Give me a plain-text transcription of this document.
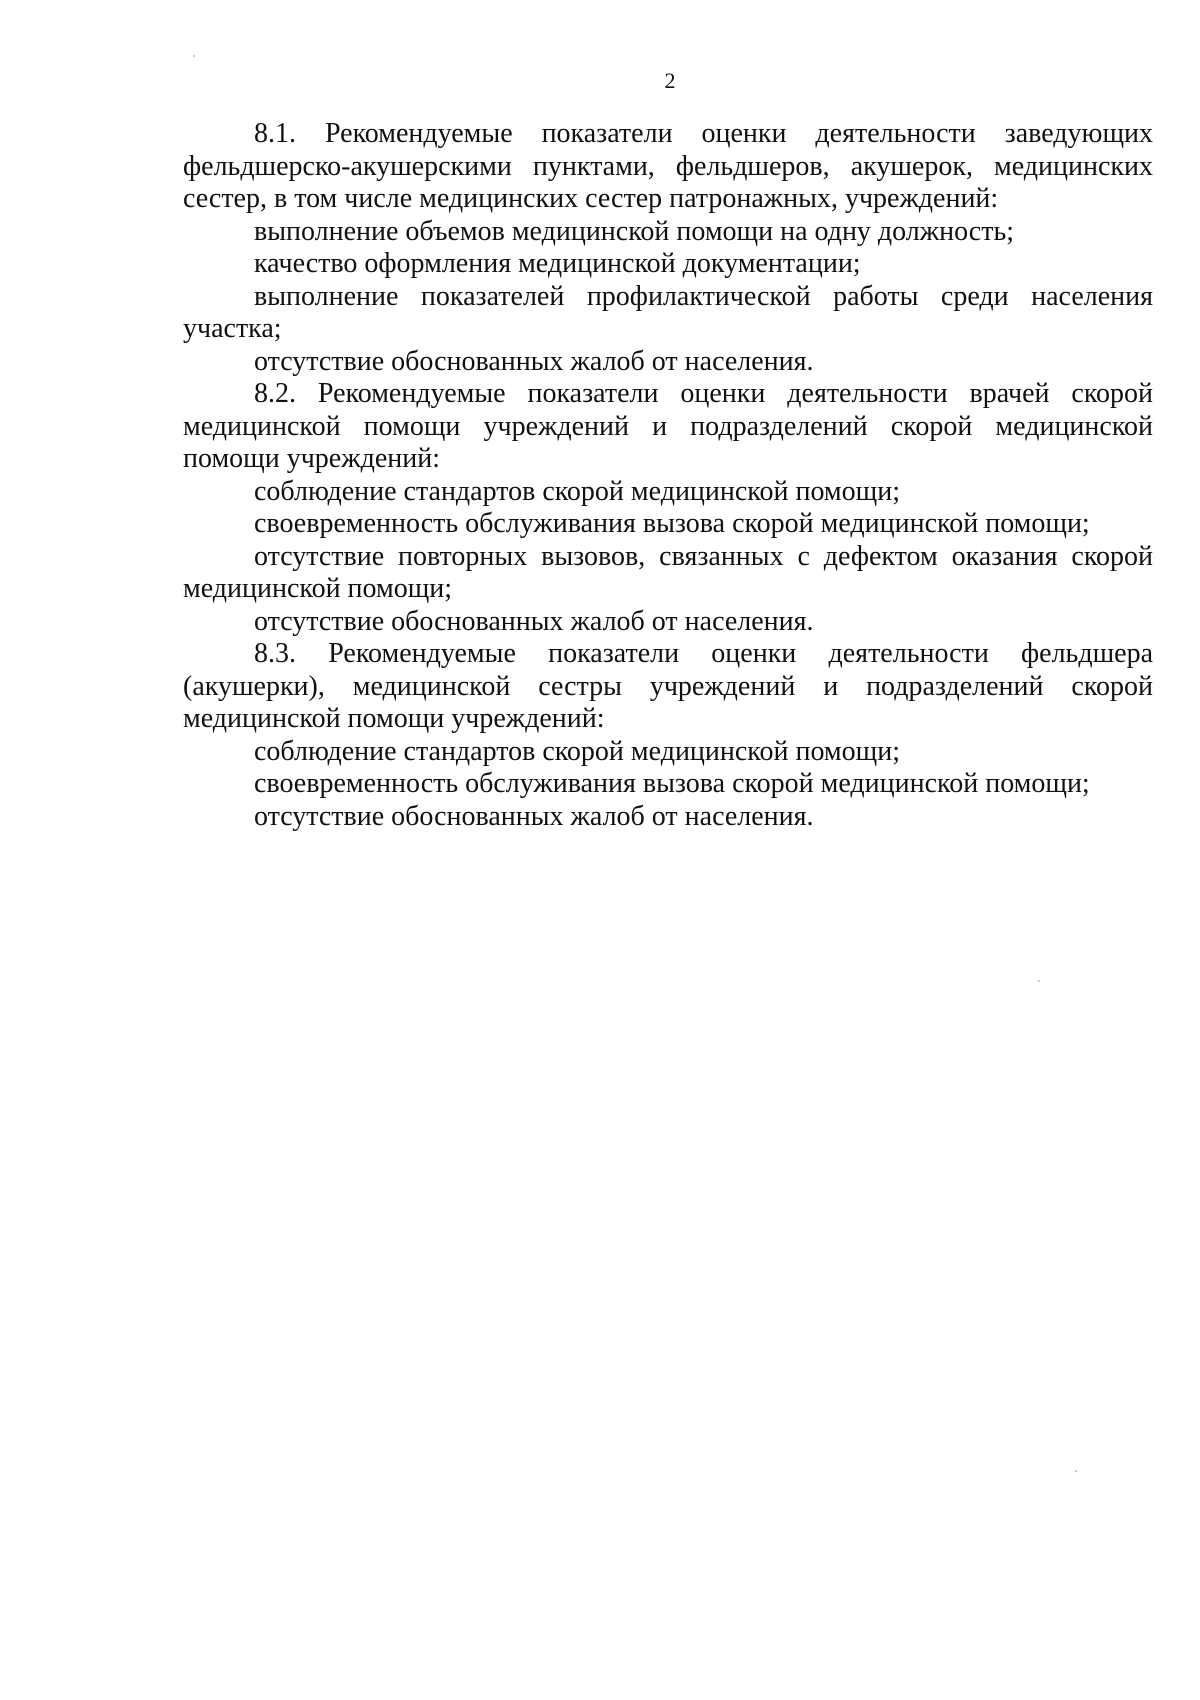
2

8.1. Рекомендуемые показатели оценки деятельности заведующих фельдшерско-акушерскими пунктами, фельдшеров, акушерок, медицинских сестер, в том числе медицинских сестер патронажных, учреждений:

выполнение объемов медицинской помощи на одну должность;

качество оформления медицинской документации;

выполнение показателей профилактической работы среди населения участка;

отсутствие обоснованных жалоб от населения.

8.2. Рекомендуемые показатели оценки деятельности врачей скорой медицинской помощи учреждений и подразделений скорой медицинской помощи учреждений:

соблюдение стандартов скорой медицинской помощи;

своевременность обслуживания вызова скорой медицинской помощи;

отсутствие повторных вызовов, связанных с дефектом оказания скорой медицинской помощи;

отсутствие обоснованных жалоб от населения.

8.3. Рекомендуемые показатели оценки деятельности фельдшера (акушерки), медицинской сестры учреждений и подразделений скорой медицинской помощи учреждений:

соблюдение стандартов скорой медицинской помощи;

своевременность обслуживания вызова скорой медицинской помощи;

отсутствие обоснованных жалоб от населения.
